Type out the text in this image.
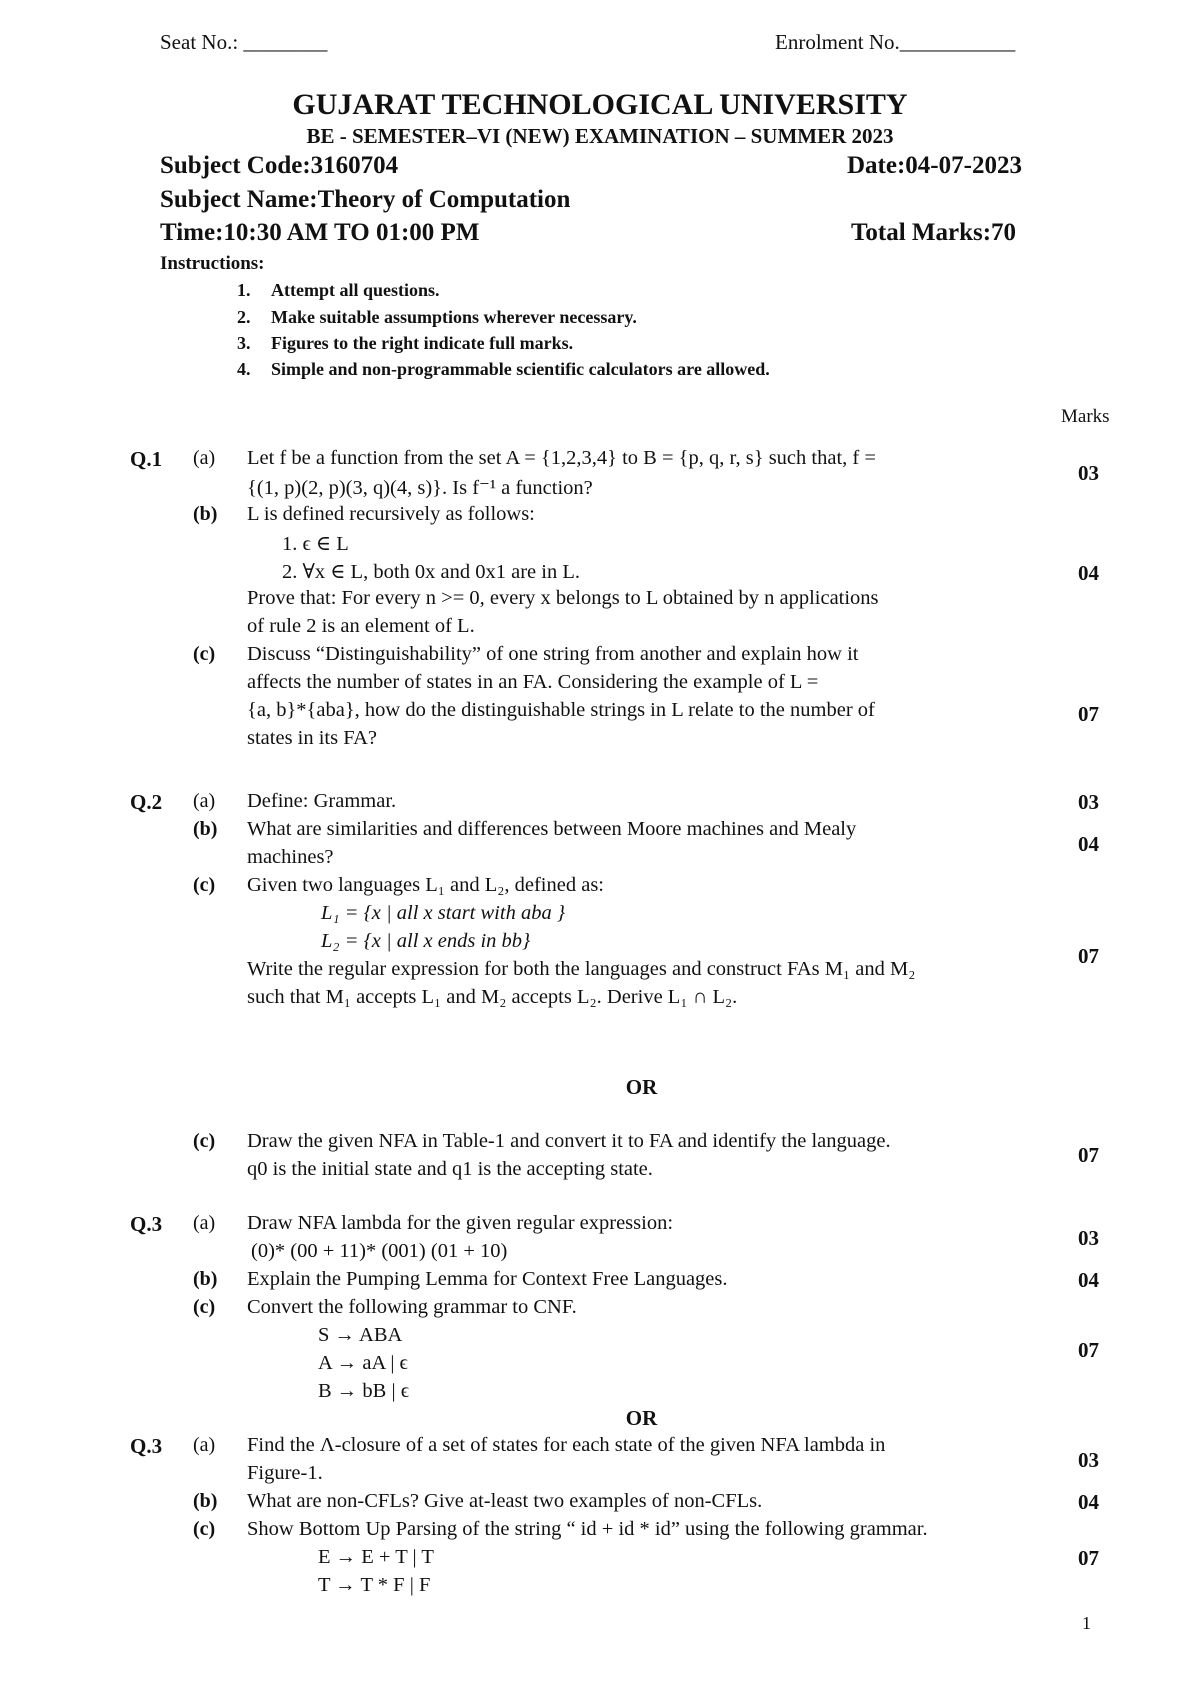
Seat No.: ________	Enrolment No.___________
GUJARAT TECHNOLOGICAL UNIVERSITY
BE - SEMESTER–VI (NEW) EXAMINATION – SUMMER 2023
Subject Code:3160704	Date:04-07-2023
Subject Name:Theory of Computation
Time:10:30 AM TO 01:00 PM	Total Marks:70
Instructions:
1. Attempt all questions.
2. Make suitable assumptions wherever necessary.
3. Figures to the right indicate full marks.
4. Simple and non-programmable scientific calculators are allowed.
Marks
Q.1 (a) Let f be a function from the set A = {1,2,3,4} to B = {p, q, r, s} such that, f =
{(1, p)(2, p)(3, q)(4, s)}. Is f⁻¹ a function?
03
(b) L is defined recursively as follows:
1. ϵ ∈ L
2. ∀x ∈ L, both 0x and 0x1 are in L.
Prove that: For every n >= 0, every x belongs to L obtained by n applications
of rule 2 is an element of L.
04
(c) Discuss “Distinguishability” of one string from another and explain how it
affects the number of states in an FA. Considering the example of L =
{a, b}*{aba}, how do the distinguishable strings in L relate to the number of
states in its FA?
07
Q.2 (a) Define: Grammar.	03
(b) What are similarities and differences between Moore machines and Mealy
machines?
04
(c) Given two languages L₁ and L₂, defined as:
L₁ = {x | all x start with aba }
L₂ = {x | all x ends in bb}
Write the regular expression for both the languages and construct FAs M₁ and M₂
such that M₁ accepts L₁ and M₂ accepts L₂. Derive L₁ ∩ L₂.
07
OR
(c) Draw the given NFA in Table-1 and convert it to FA and identify the language.
q0 is the initial state and q1 is the accepting state.
07
Q.3 (a) Draw NFA lambda for the given regular expression:
(0)* (00 + 11)* (001) (01 + 10)
03
(b) Explain the Pumping Lemma for Context Free Languages.	04
(c) Convert the following grammar to CNF.
S → ABA
A → aA | ϵ
B → bB | ϵ
07
OR
Q.3 (a) Find the Λ-closure of a set of states for each state of the given NFA lambda in
Figure-1.
03
(b) What are non-CFLs? Give at-least two examples of non-CFLs.	04
(c) Show Bottom Up Parsing of the string “ id + id * id” using the following grammar.
E → E + T | T
T → T * F | F
07
1
